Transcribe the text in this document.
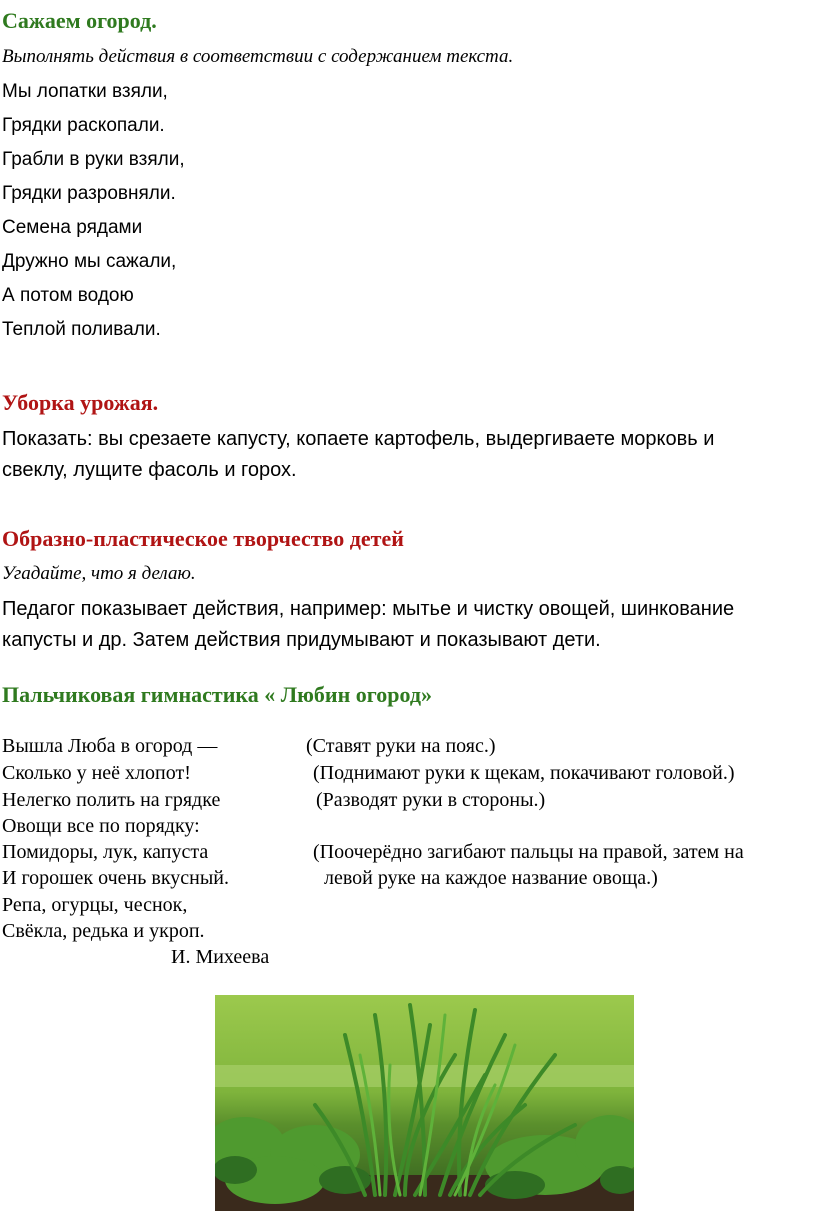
Сажаем огород.
Выполнять действия в соответствии с содержанием текста.
Мы лопатки взяли,
Грядки раскопали.
Грабли в руки взяли,
Грядки разровняли.
Семена рядами
Дружно мы сажали,
А потом водою
Теплой поливали.
Уборка урожая.
Показать: вы срезаете капусту, копаете картофель, выдергиваете морковь и свеклу, лущите фасоль и горох.
Образно-пластическое творчество детей
Угадайте, что я делаю.
Педагог показывает действия, например: мытье и чистку овощей, шинкование капусты и др. Затем действия придумывают и показывают дети.
Пальчиковая гимнастика « Любин огород»
Вышла Люба в огород —
Сколько у неё хлопот!
Нелегко полить на грядке
Овощи все по порядку:
Помидоры, лук, капуста
И горошек очень вкусный.
Репа, огурцы, чеснок,
Свёкла, редька и укроп.
(Ставят руки на пояс.)
(Поднимают руки к щекам, покачивают головой.)
(Разводят руки в стороны.)
(Поочерёдно загибают пальцы на правой, затем на
левой руке на каждое название овоща.)
И. Михеева
